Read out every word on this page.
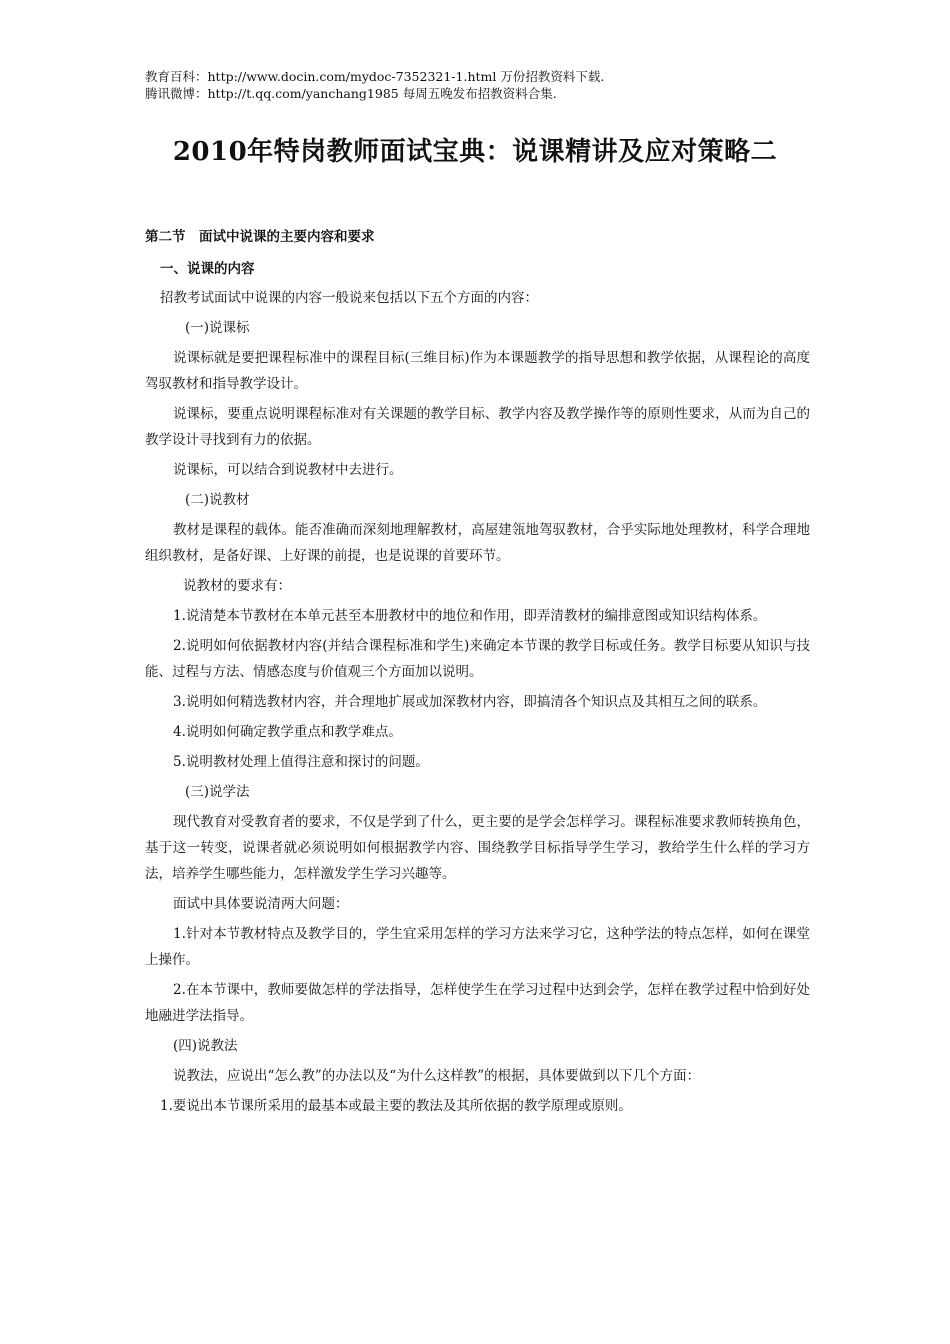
教育百科：http://www.docin.com/mydoc-7352321-1.html 万份招教资料下载.
腾讯微博：http://t.qq.com/yanchang1985 每周五晚发布招教资料合集.
2010年特岗教师面试宝典：说课精讲及应对策略二
第二节　面试中说课的主要内容和要求
一、说课的内容

招教考试面试中说课的内容一般说来包括以下五个方面的内容：

(一)说课标

说课标就是要把课程标准中的课程目标(三维目标)作为本课题教学的指导思想和教学依据，从课程论的高度驾驭教材和指导教学设计。

说课标，要重点说明课程标准对有关课题的教学目标、教学内容及教学操作等的原则性要求，从而为自己的教学设计寻找到有力的依据。

说课标，可以结合到说教材中去进行。

(二)说教材

教材是课程的载体。能否准确而深刻地理解教材，高屋建瓴地驾驭教材，合乎实际地处理教材，科学合理地组织教材，是备好课、上好课的前提，也是说课的首要环节。

说教材的要求有：

1.说清楚本节教材在本单元甚至本册教材中的地位和作用，即弄清教材的编排意图或知识结构体系。

2.说明如何依据教材内容(并结合课程标准和学生)来确定本节课的教学目标或任务。教学目标要从知识与技能、过程与方法、情感态度与价值观三个方面加以说明。

3.说明如何精选教材内容，并合理地扩展或加深教材内容，即搞清各个知识点及其相互之间的联系。

4.说明如何确定教学重点和教学难点。

5.说明教材处理上值得注意和探讨的问题。

(三)说学法

现代教育对受教育者的要求，不仅是学到了什么，更主要的是学会怎样学习。课程标准要求教师转换角色，基于这一转变，说课者就必须说明如何根据教学内容、围绕教学目标指导学生学习，教给学生什么样的学习方法，培养学生哪些能力，怎样激发学生学习兴趣等。

面试中具体要说清两大问题：

1.针对本节教材特点及教学目的，学生宜采用怎样的学习方法来学习它，这种学法的特点怎样，如何在课堂上操作。

2.在本节课中，教师要做怎样的学法指导，怎样使学生在学习过程中达到会学，怎样在教学过程中恰到好处地融进学法指导。

(四)说教法

说教法，应说出“怎么教”的办法以及“为什么这样教”的根据，具体要做到以下几个方面：

1.要说出本节课所采用的最基本或最主要的教法及其所依据的教学原理或原则。
